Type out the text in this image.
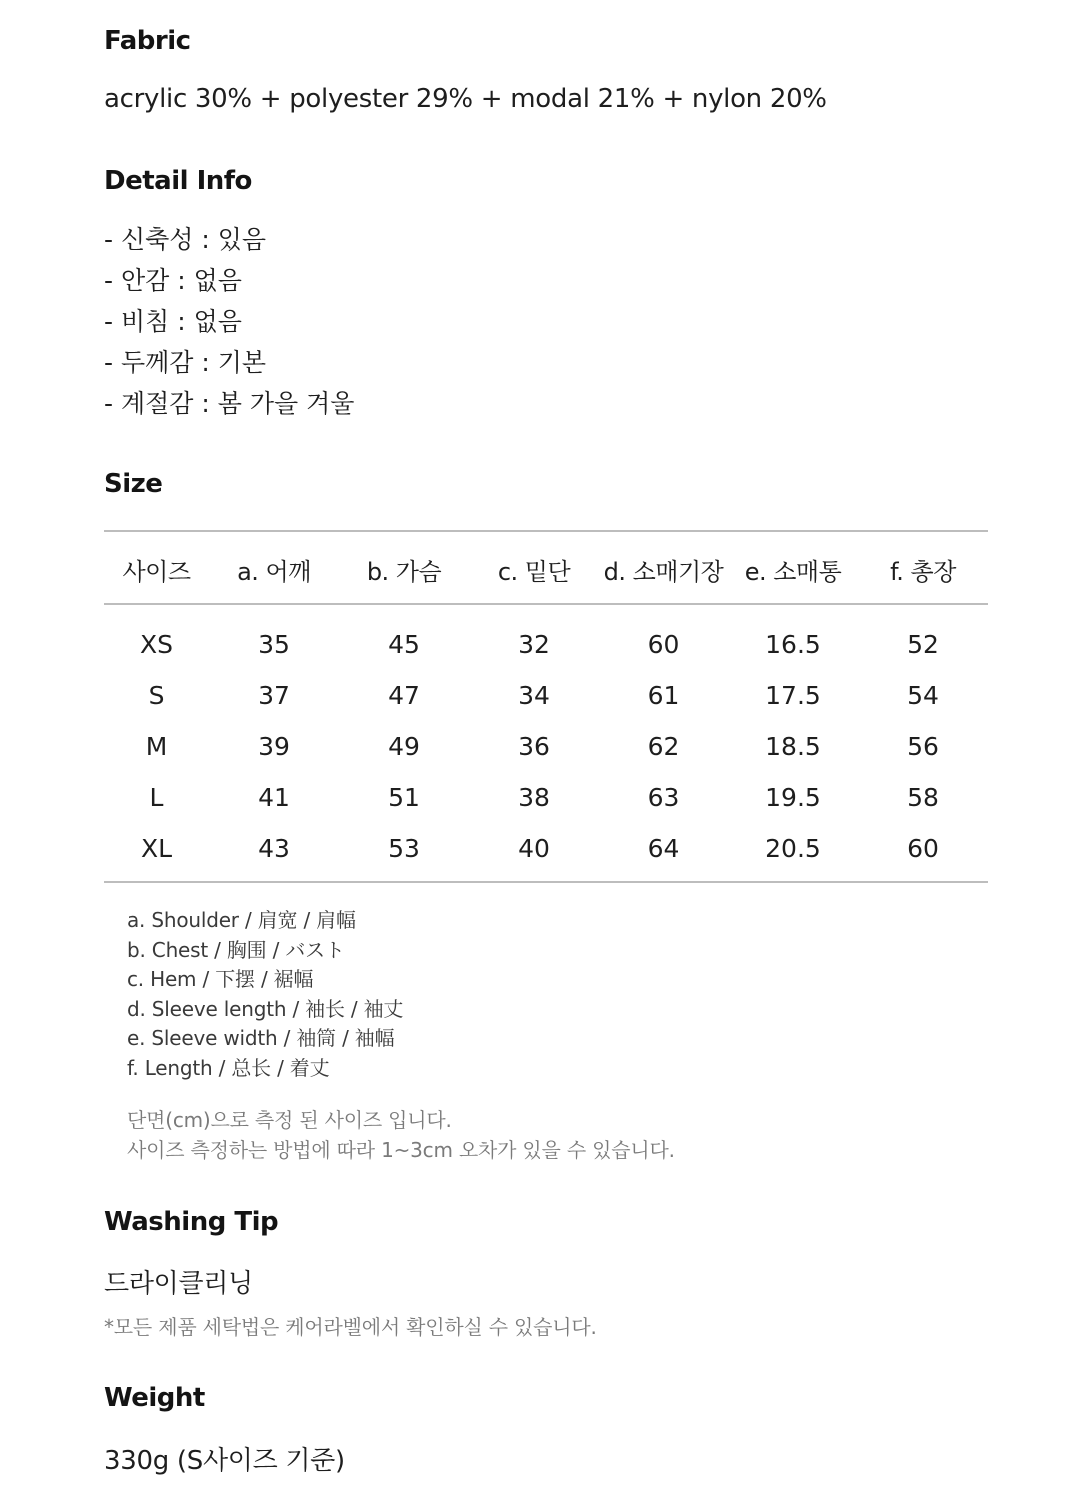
Fabric
acrylic 30% + polyester 29% + modal 21% + nylon 20%
Detail Info
- 신축성 : 있음
- 안감 : 없음
- 비침 : 없음
- 두께감 : 기본
- 계절감 : 봄 가을 겨울
Size
사이즈	a. 어깨	b. 가슴	c. 밑단	d. 소매기장	e. 소매통	f. 총장
XS	35	45	32	60	16.5	52
S	37	47	34	61	17.5	54
M	39	49	36	62	18.5	56
L	41	51	38	63	19.5	58
XL	43	53	40	64	20.5	60
a. Shoulder / 肩宽 / 肩幅
b. Chest / 胸围 / バスト
c. Hem / 下摆 / 裾幅
d. Sleeve length / 袖长 / 袖丈
e. Sleeve width / 袖筒 / 袖幅
f. Length / 总长 / 着丈
단면(cm)으로 측정 된 사이즈 입니다.
사이즈 측정하는 방법에 따라 1~3cm 오차가 있을 수 있습니다.
Washing Tip
드라이클리닝
*모든 제품 세탁법은 케어라벨에서 확인하실 수 있습니다.
Weight
330g (S사이즈 기준)
